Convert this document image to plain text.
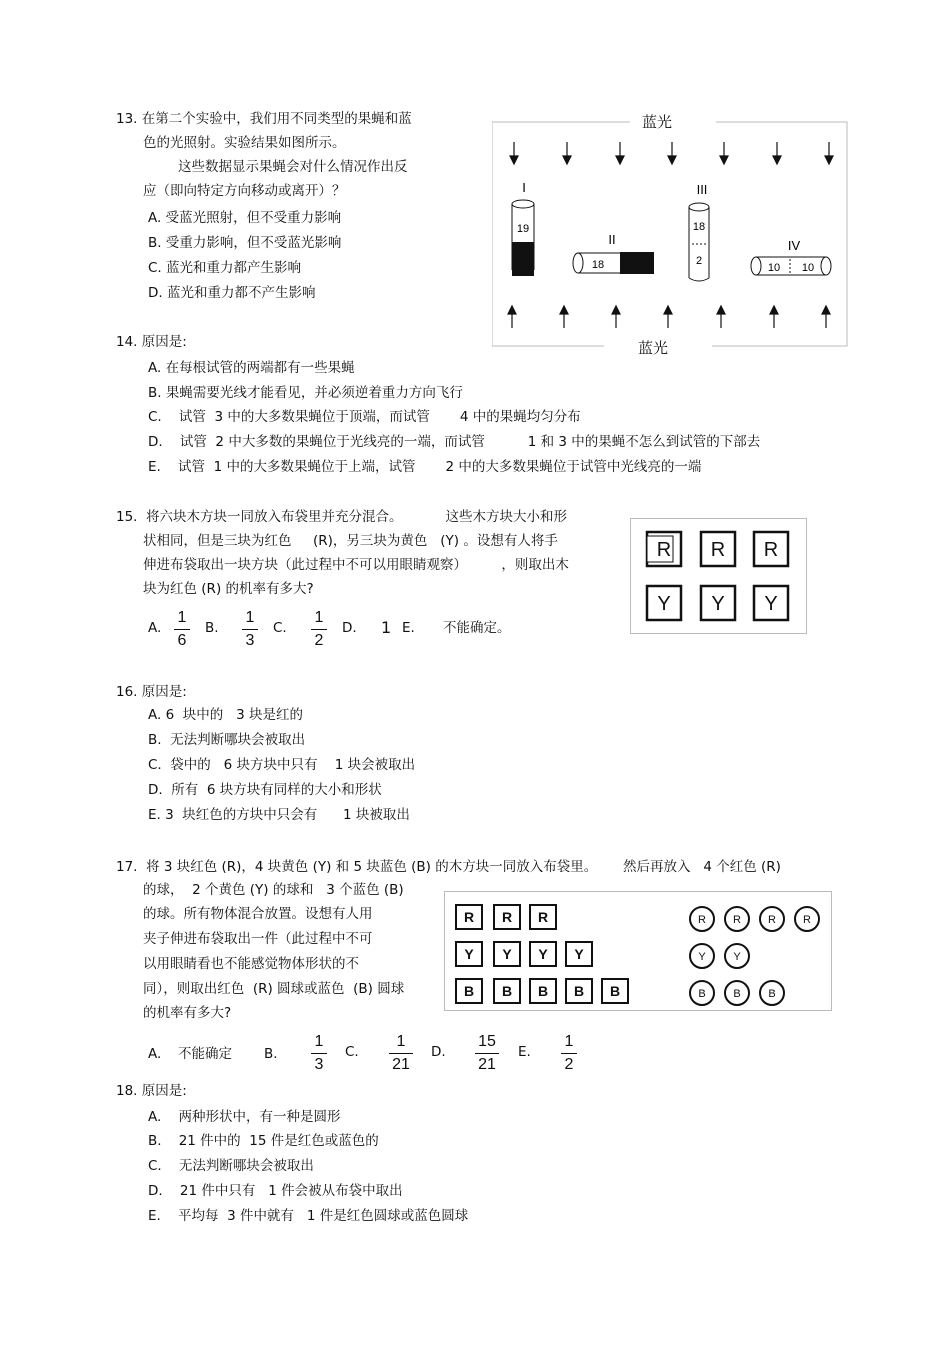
13. 在第二个实验中，我们用不同类型的果蝇和蓝
色的光照射。实验结果如图所示。
这些数据显示果蝇会对什么情况作出反
应（即向特定方向移动或离开）？
A. 受蓝光照射，但不受重力影响
B. 受重力影响，但不受蓝光影响
C. 蓝光和重力都产生影响
D. 蓝光和重力都不产生影响
I
19
II
18
III
18
2
IV
10 10
蓝光
蓝光
14. 原因是:
A. 在每根试管的两端都有一些果蝇
B. 果蝇需要光线才能看见，并必须逆着重力方向飞行
C.    试管  3 中的大多数果蝇位于顶端，而试管       4 中的果蝇均匀分布
D.    试管  2 中大多数的果蝇位于光线亮的一端，而试管          1 和 3 中的果蝇不怎么到试管的下部去
E.    试管  1 中的大多数果蝇位于上端，试管       2 中的大多数果蝇位于试管中光线亮的一端
15.  将六块木方块一同放入布袋里并充分混合。          这些木方块大小和形
状相同，但是三块为红色     (R)，另三块为黄色   (Y) 。设想有人将手
伸进布袋取出一块方块（此过程中不可以用眼睛观察）        ，则取出木
块为红色 (R) 的机率有多大?
R R R
Y Y Y
A.
1
6
B.
1
3
C.
1
2
D. 1 E. 不能确定。
16. 原因是:
A. 6  块中的   3 块是红的
B.  无法判断哪块会被取出
C.  袋中的   6 块方块中只有    1 块会被取出
D.  所有  6 块方块有同样的大小和形状
E. 3  块红色的方块中只会有      1 块被取出
17.  将 3 块红色 (R)，4 块黄色 (Y) 和 5 块蓝色 (B) 的木方块一同放入布袋里。      然后再放入   4 个红色 (R)
的球，  2 个黄色 (Y) 的球和   3 个蓝色 (B)
的球。所有物体混合放置。设想有人用
夹子伸进布袋取出一件（此过程中不可
以用眼睛看也不能感觉物体形状的不
同），则取出红色  (R) 圆球或蓝色  (B) 圆球
的机率有多大?
R R R
Y Y Y Y
B B B B B
R R R R
Y	Y
B	B	B
A. 不能确定 B.
1
3
C.
1
21
D.
15
21
E.
1
2
18. 原因是:
A.    两种形状中，有一种是圆形
B.    21 件中的  15 件是红色或蓝色的
C.    无法判断哪块会被取出
D.    21 件中只有   1 件会被从布袋中取出
E.    平均每  3 件中就有   1 件是红色圆球或蓝色圆球
